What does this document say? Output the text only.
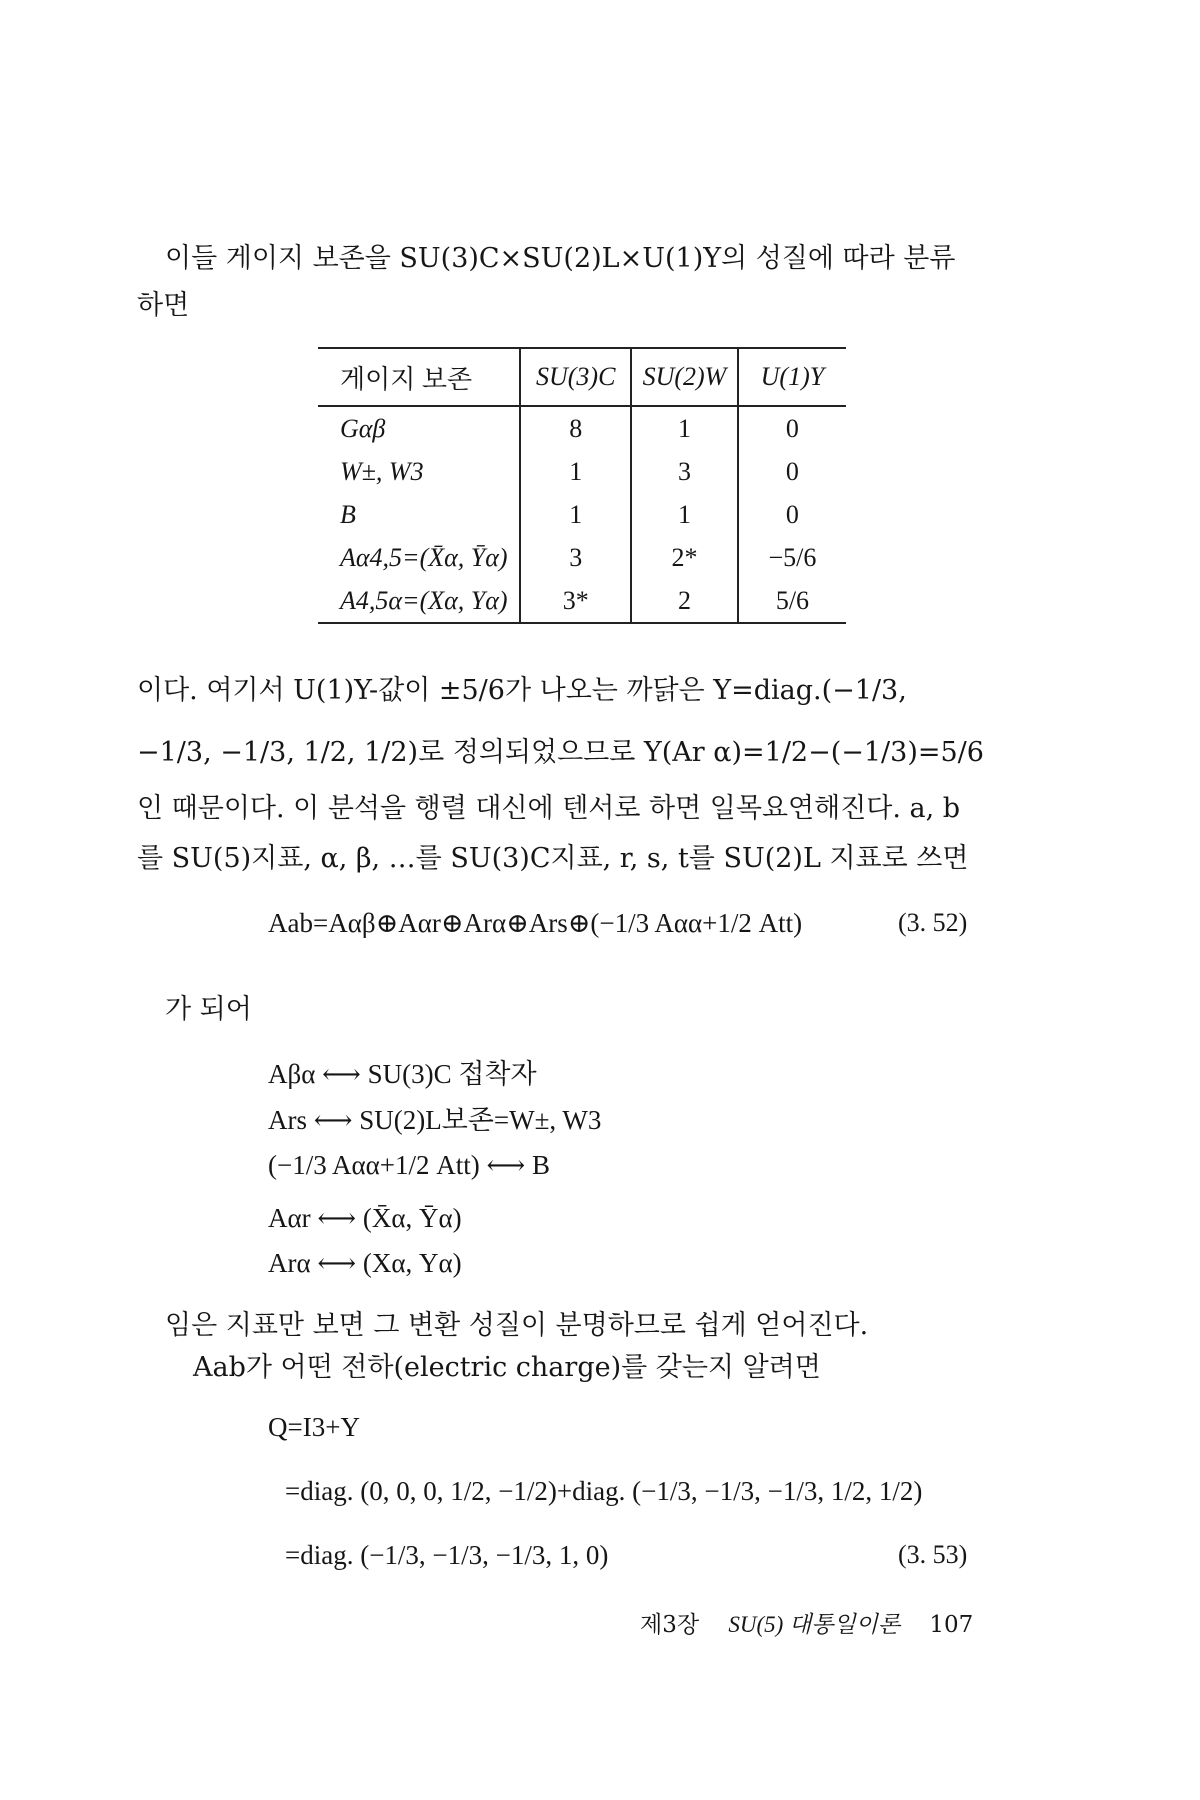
이들 게이지 보존을 SU(3)C×SU(2)L×U(1)Y의 성질에 따라 분류
하면
게이지 보존	SU(3)C	SU(2)W	U(1)Y
Gαβ	8	1	0
W±, W3	1	3	0
B	1	1	0
Aα4,5=(X̄α, Ȳα)	3	2*	−5/6
A4,5α=(Xα, Yα)	3*	2	5/6
이다. 여기서 U(1)Y-값이 ±5/6가 나오는 까닭은 Y=diag.(−1/3,
−1/3, −1/3, 1/2, 1/2)로 정의되었으므로 Y(Ar α)=1/2−(−1/3)=5/6
인 때문이다. 이 분석을 행렬 대신에 텐서로 하면 일목요연해진다. a, b
를 SU(5)지표, α, β, …를 SU(3)C지표, r, s, t를 SU(2)L 지표로 쓰면
Aab=Aαβ⊕Aαr⊕Arα⊕Ars⊕(−1/3 Aαα+1/2 Att)	(3. 52)
가 되어
Aβα ⟷ SU(3)C 접착자
Ars ⟷ SU(2)L보존=W±, W3
(−1/3 Aαα+1/2 Att) ⟷ B
Aαr ⟷ (X̄α, Ȳα)
Arα ⟷ (Xα, Yα)
임은 지표만 보면 그 변환 성질이 분명하므로 쉽게 얻어진다.
Aab가 어떤 전하(electric charge)를 갖는지 알려면
Q=I3+Y
=diag. (0, 0, 0, 1/2, −1/2)+diag. (−1/3, −1/3, −1/3, 1/2, 1/2)
=diag. (−1/3, −1/3, −1/3, 1, 0)	(3. 53)
제3장 SU(5) 대통일이론 107
